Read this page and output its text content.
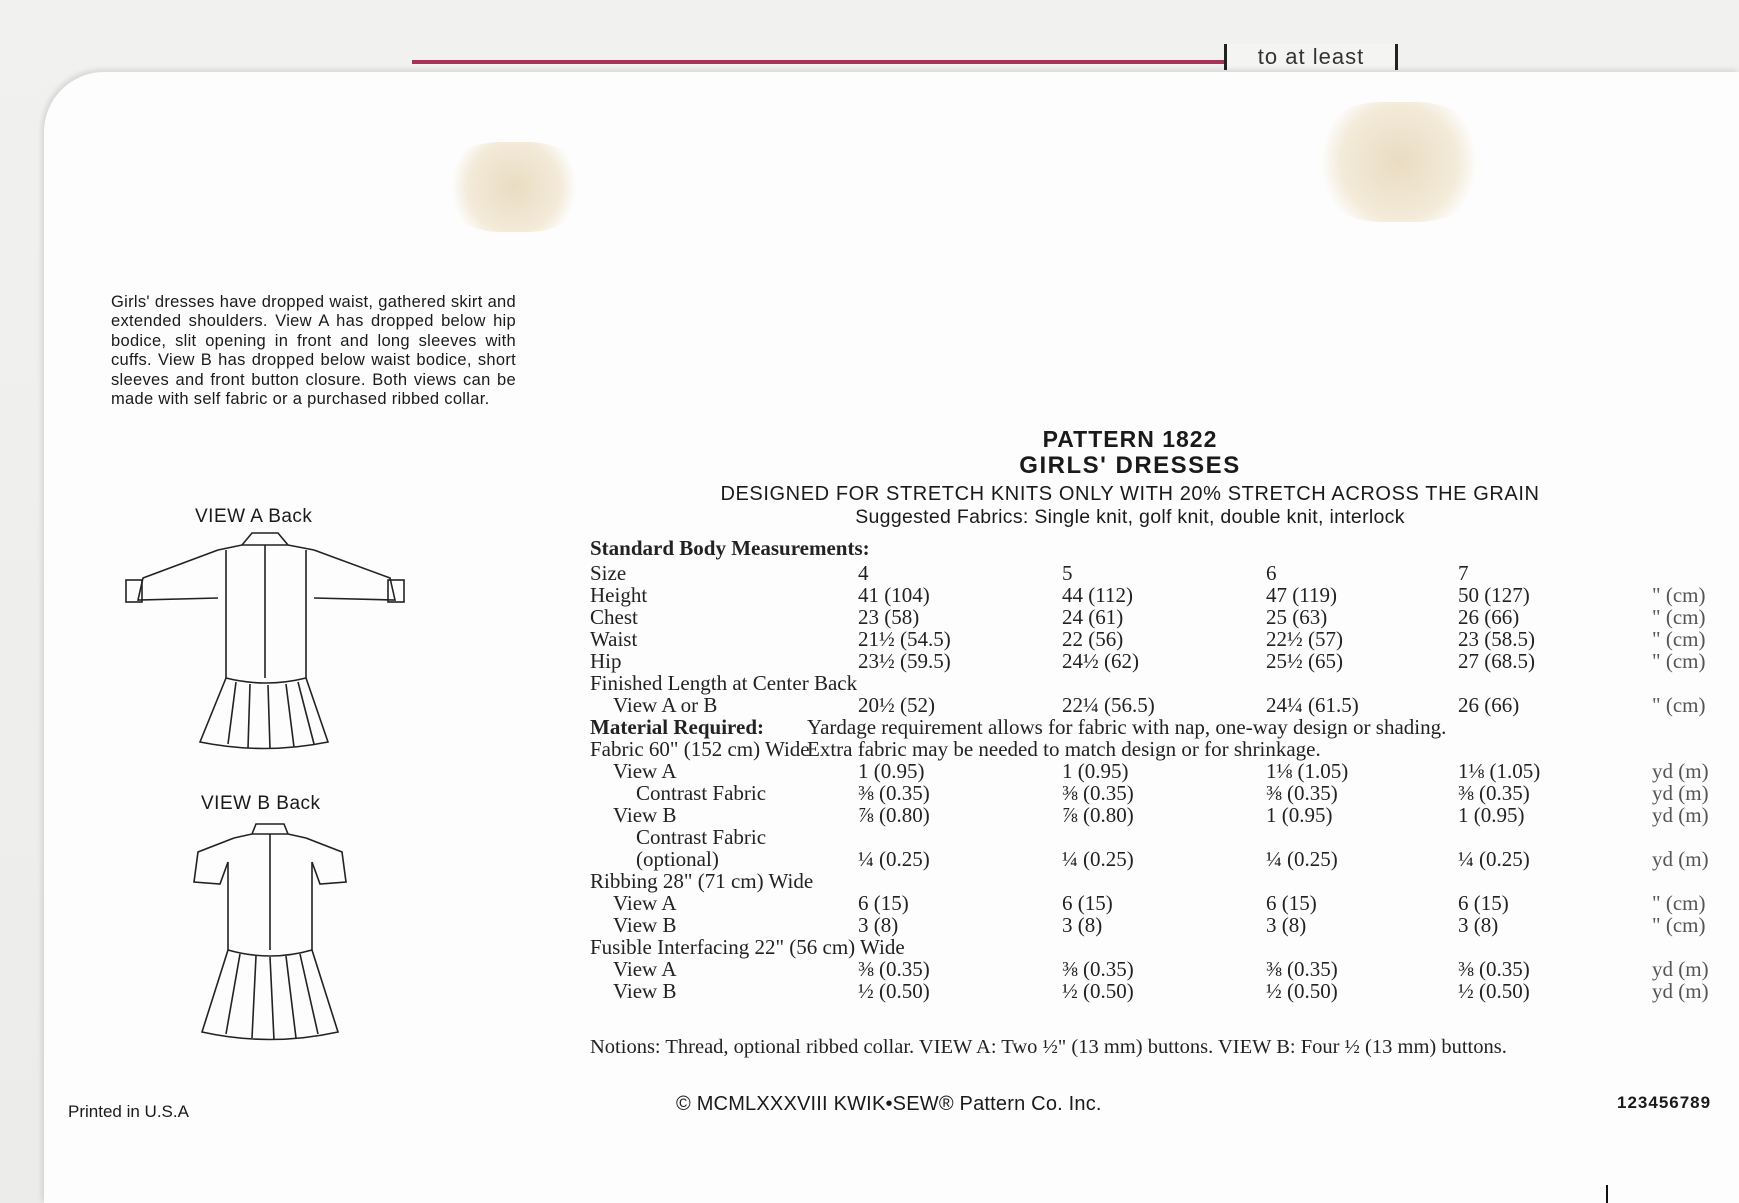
to at least
Girls' dresses have dropped waist, gathered skirt and extended shoulders. View A has dropped below hip bodice, slit opening in front and long sleeves with cuffs. View B has dropped below waist bodice, short sleeves and front button closure. Both views can be made with self fabric or a purchased ribbed collar.
VIEW A Back
VIEW B Back
Printed in U.S.A
PATTERN 1822
GIRLS' DRESSES
DESIGNED FOR STRETCH KNITS ONLY WITH 20% STRETCH ACROSS THE GRAIN
Suggested Fabrics: Single knit, golf knit, double knit, interlock
Standard Body Measurements:
Size	4	5	6	7
Height	41 (104)	44 (112)	47 (119)	50 (127)	" (cm)
Chest	23 (58)	24 (61)	25 (63)	26 (66)	" (cm)
Waist	21½ (54.5)	22 (56)	22½ (57)	23 (58.5)	" (cm)
Hip	23½ (59.5)	24½ (62)	25½ (65)	27 (68.5)	" (cm)
Finished Length at Center Back
View A or B	20½ (52)	22¼ (56.5)	24¼ (61.5)	26 (66)	" (cm)
Material Required: Yardage requirement allows for fabric with nap, one-way design or shading.
Extra fabric may be needed to match design or for shrinkage.
Fabric 60" (152 cm) Wide
View A	1 (0.95)	1 (0.95)	1⅛ (1.05)	1⅛ (1.05)	yd (m)
Contrast Fabric	⅜ (0.35)	⅜ (0.35)	⅜ (0.35)	⅜ (0.35)	yd (m)
View B	⅞ (0.80)	⅞ (0.80)	1 (0.95)	1 (0.95)	yd (m)
Contrast Fabric
(optional)	¼ (0.25)	¼ (0.25)	¼ (0.25)	¼ (0.25)	yd (m)
Ribbing 28" (71 cm) Wide
View A	6 (15)	6 (15)	6 (15)	6 (15)	" (cm)
View B	3 (8)	3 (8)	3 (8)	3 (8)	" (cm)
Fusible Interfacing 22" (56 cm) Wide
View A	⅜ (0.35)	⅜ (0.35)	⅜ (0.35)	⅜ (0.35)	yd (m)
View B	½ (0.50)	½ (0.50)	½ (0.50)	½ (0.50)	yd (m)
Notions: Thread, optional ribbed collar. VIEW A: Two ½" (13 mm) buttons. VIEW B: Four ½ (13 mm) buttons.
© MCMLXXXVIII KWIK•SEW® Pattern Co. Inc.	123456789
